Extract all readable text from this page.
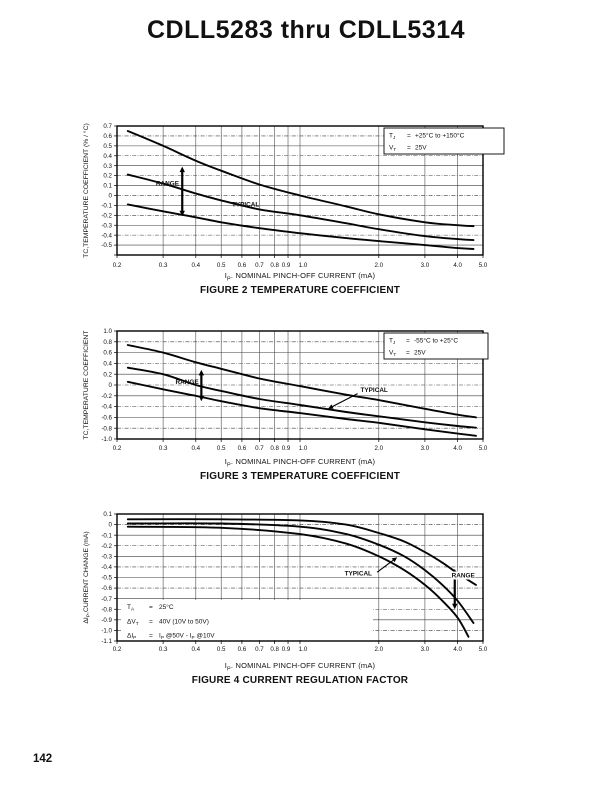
CDLL5283 thru CDLL5314
0.2	0.3	0.4	0.5 0.6 0.7 0.8 0.9 1.0	2.0	3.0	4.0	5.0
0.7
0.6
0.5
0.4
0.3
0.2
0.1
0
-0.1
-0.2
-0.3
-0.4
-0.5
TC,TEMPERATURE COEFFICIENT (% / °C)	$T_J = +25^\circ C$ to +150°C
$V_T = 25V$
RANGE
TYPICAL
0.2	0.3	0.4	0.5 0.6 0.7 0.8 0.9 1.0	2.0	3.0	4.0	5.0
1.0
0.8
0.6
0.4
0.2
0
-0.2
-0.4
-0.6
-0.8
-1.0
TC,TEMPERATURE COEFFICIENT	$T_J = -55^\circ C$ to +25°C
$V_T = 25V$
RANGE
TYPICAL
0.2	0.3	0.4	0.5 0.6 0.7 0.8 0.9 1.0	2.0	3.0	4.0	5.0
0.1
0
-0.1
-0.2
-0.3
-0.4
-0.5
-0.6
-0.7
-0.8
-0.9
-1.0
-1.1
$\Delta I_P,CURRENT$ CHANGE (mA)	$T_A = 25^\circ C$
$\Delta V_T = 40V$ (10V to 50V)
$\Delta I_P = I_P$ @50V - $I_P$ @10V
TYPICAL	RANGE
$I_P$. NOMINAL PINCH-OFF CURRENT (mA)
FIGURE 2 TEMPERATURE COEFFICIENT
$I_P$. NOMINAL PINCH-OFF CURRENT (mA)
FIGURE 3 TEMPERATURE COEFFICIENT
$I_P$. NOMINAL PINCH-OFF CURRENT (mA)
FIGURE 4 CURRENT REGULATION FACTOR
142
